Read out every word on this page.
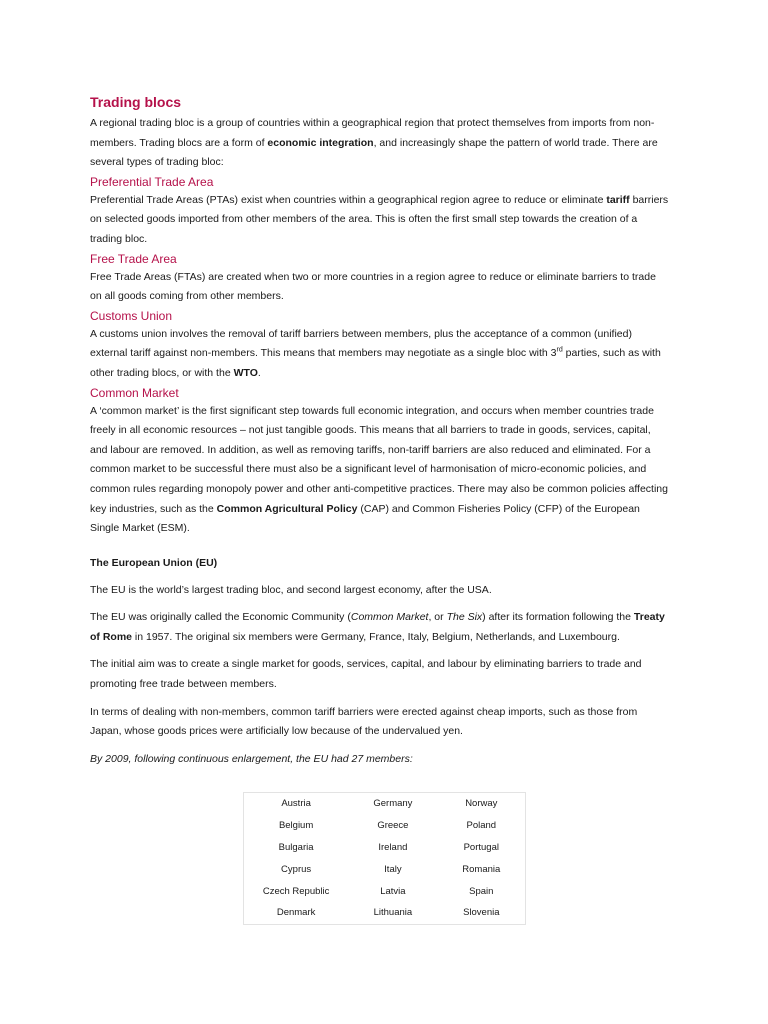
Trading blocs

A regional trading bloc is a group of countries within a geographical region that protect themselves from imports from non-members. Trading blocs are a form of economic integration, and increasingly shape the pattern of world trade. There are several types of trading bloc:

Preferential Trade Area

Preferential Trade Areas (PTAs) exist when countries within a geographical region agree to reduce or eliminate tariff barriers on selected goods imported from other members of the area. This is often the first small step towards the creation of a trading bloc.

Free Trade Area

Free Trade Areas (FTAs) are created when two or more countries in a region agree to reduce or eliminate barriers to trade on all goods coming from other members.

Customs Union

A customs union involves the removal of tariff barriers between members, plus the acceptance of a common (unified) external tariff against non-members. This means that members may negotiate as a single bloc with 3rd parties, such as with other trading blocs, or with the WTO.

Common Market

A ‘common market’ is the first significant step towards full economic integration, and occurs when member countries trade freely in all economic resources – not just tangible goods. This means that all barriers to trade in goods, services, capital, and labour are removed. In addition, as well as removing tariffs, non-tariff barriers are also reduced and eliminated. For a common market to be successful there must also be a significant level of harmonisation of micro-economic policies, and common rules regarding monopoly power and other anti-competitive practices. There may also be common policies affecting key industries, such as the Common Agricultural Policy (CAP) and Common Fisheries Policy (CFP) of the European Single Market (ESM).

The European Union (EU)

The EU is the world’s largest trading bloc, and second largest economy, after the USA.

The EU was originally called the Economic Community (Common Market, or The Six) after its formation following the Treaty of Rome in 1957. The original six members were Germany, France, Italy, Belgium, Netherlands, and Luxembourg.

The initial aim was to create a single market for goods, services, capital, and labour by eliminating barriers to trade and promoting free trade between members.

In terms of dealing with non-members, common tariff barriers were erected against cheap imports, such as those from Japan, whose goods prices were artificially low because of the undervalued yen.

By 2009, following continuous enlargement, the EU had 27 members:

Austria	Germany	Norway
Belgium	Greece	Poland
Bulgaria	Ireland	Portugal
Cyprus	Italy	Romania
Czech Republic	Latvia	Spain
Denmark	Lithuania	Slovenia
